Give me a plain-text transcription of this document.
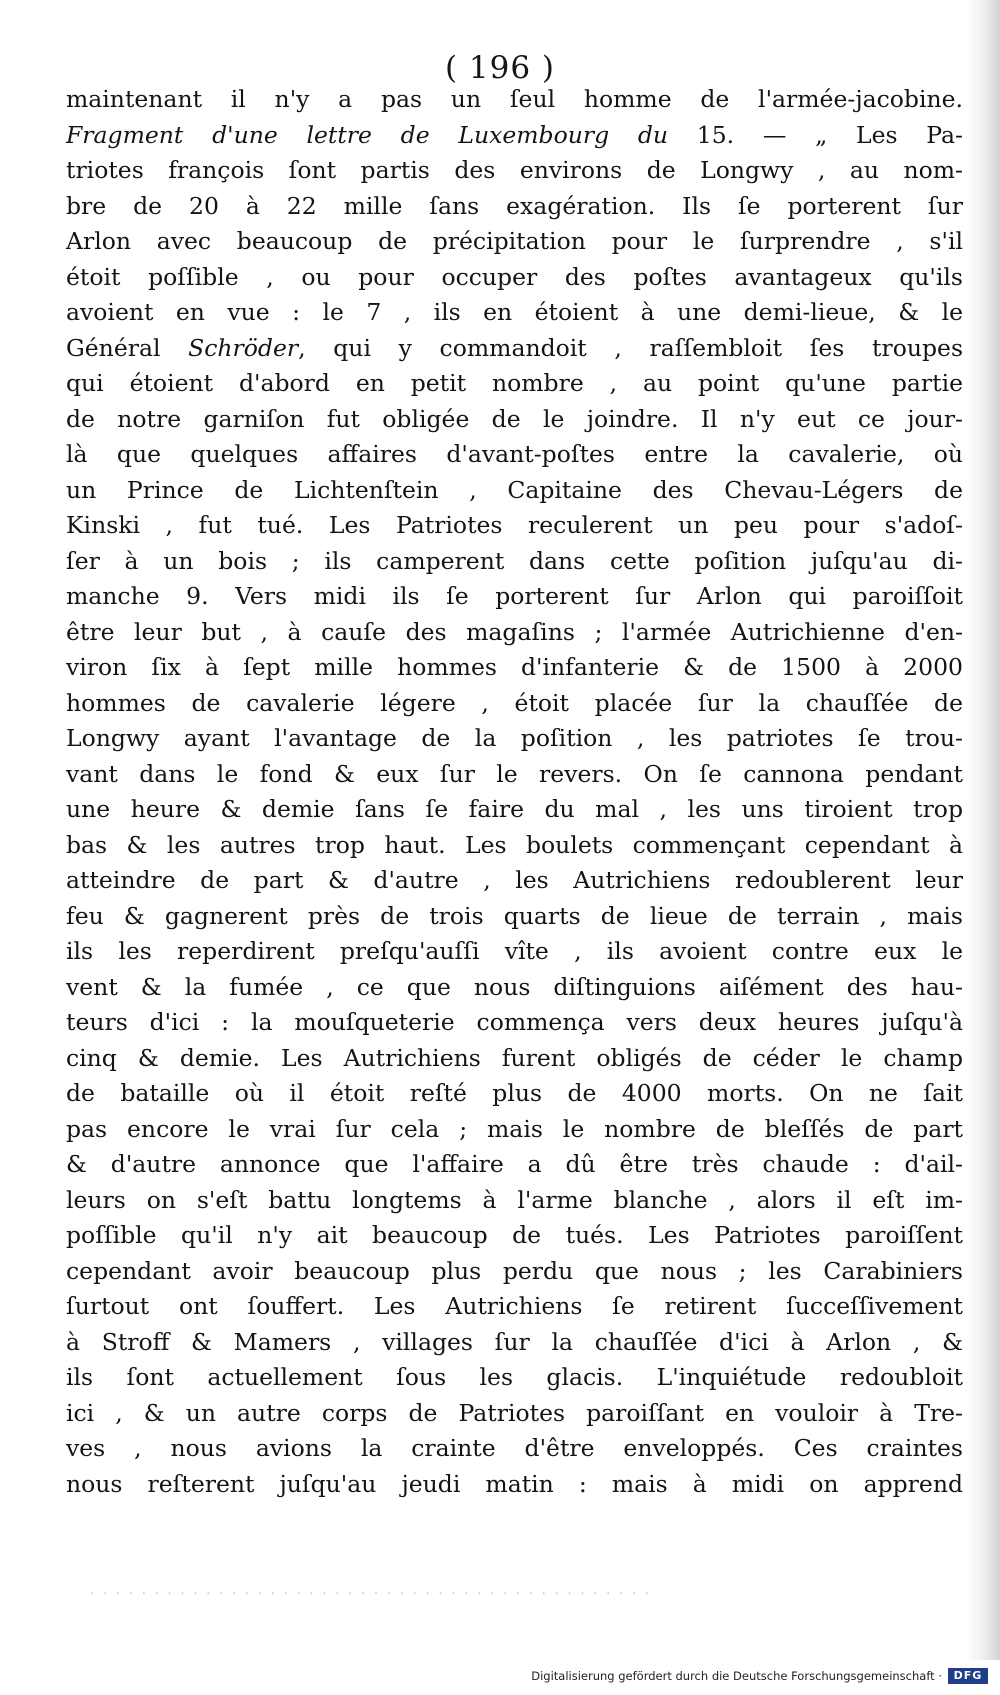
( 196 )
maintenant il n'y a pas un ſeul homme de l'armée-jacobine.
Fragment d'une lettre de Luxembourg du 15. — „ Les Pa-
triotes françois ſont partis des environs de Longwy , au nom-
bre de 20 à 22 mille ſans exagération. Ils ſe porterent ſur
Arlon avec beaucoup de précipitation pour le ſurprendre , s'il
étoit poſſible , ou pour occuper des poſtes avantageux qu'ils
avoient en vue : le 7 , ils en étoient à une demi-lieue, & le
Général Schröder, qui y commandoit , raſſembloit ſes troupes
qui étoient d'abord en petit nombre , au point qu'une partie
de notre garniſon fut obligée de le joindre. Il n'y eut ce jour-
là que quelques affaires d'avant-poſtes entre la cavalerie, où
un Prince de Lichtenſtein , Capitaine des Chevau-Légers de
Kinski , fut tué. Les Patriotes reculerent un peu pour s'adoſ-
ſer à un bois ; ils camperent dans cette poſition juſqu'au di-
manche 9. Vers midi ils ſe porterent ſur Arlon qui paroiſſoit
être leur but , à cauſe des magaſins ; l'armée Autrichienne d'en-
viron ſix à ſept mille hommes d'infanterie & de 1500 à 2000
hommes de cavalerie légere , étoit placée ſur la chauſſée de
Longwy ayant l'avantage de la poſition , les patriotes ſe trou-
vant dans le fond & eux ſur le revers. On ſe cannona pendant
une heure & demie ſans ſe faire du mal , les uns tiroient trop
bas & les autres trop haut. Les boulets commençant cependant à
atteindre de part & d'autre , les Autrichiens redoublerent leur
feu & gagnerent près de trois quarts de lieue de terrain , mais
ils les reperdirent preſqu'auſſi vîte , ils avoient contre eux le
vent & la fumée , ce que nous diſtinguions aiſément des hau-
teurs d'ici : la mouſqueterie commença vers deux heures juſqu'à
cinq & demie. Les Autrichiens furent obligés de céder le champ
de bataille où il étoit reſté plus de 4000 morts. On ne ſait
pas encore le vrai ſur cela ; mais le nombre de bleſſés de part
& d'autre annonce que l'affaire a dû être très chaude : d'ail-
leurs on s'eſt battu longtems à l'arme blanche , alors il eſt im-
poſſible qu'il n'y ait beaucoup de tués. Les Patriotes paroiſſent
cependant avoir beaucoup plus perdu que nous ; les Carabiniers
ſurtout ont ſouffert. Les Autrichiens ſe retirent ſucceſſivement
à Stroff & Mamers , villages ſur la chauſſée d'ici à Arlon , &
ils ſont actuellement ſous les glacis. L'inquiétude redoubloit
ici , & un autre corps de Patriotes paroiſſant en vouloir à Tre-
ves , nous avions la crainte d'être enveloppés. Ces craintes
nous reſterent juſqu'au jeudi matin : mais à midi on apprend
· · · · · · · · · · · · · · · · · · · · · · · · · · · · · · · · · · · · · · · · · · · ·
Digitalisierung gefördert durch die Deutsche Forschungsgemeinschaft ·	DFG
